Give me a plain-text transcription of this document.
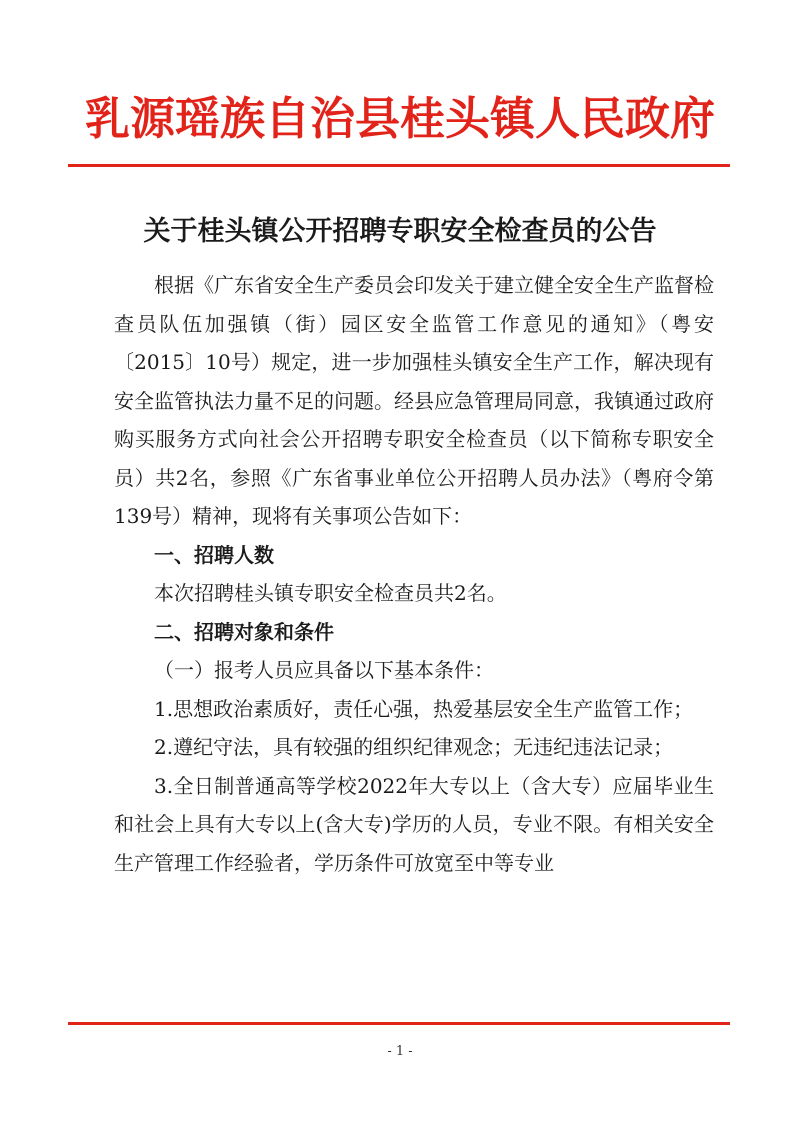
乳源瑶族自治县桂头镇人民政府
关于桂头镇公开招聘专职安全检查员的公告

根据《广东省安全生产委员会印发关于建立健全安全生产监督检查员队伍加强镇（街）园区安全监管工作意见的通知》（粤安〔2015〕10号）规定，进一步加强桂头镇安全生产工作，解决现有安全监管执法力量不足的问题。经县应急管理局同意，我镇通过政府购买服务方式向社会公开招聘专职安全检查员（以下简称专职安全员）共2名，参照《广东省事业单位公开招聘人员办法》（粤府令第139号）精神，现将有关事项公告如下：

一、招聘人数

本次招聘桂头镇专职安全检查员共2名。

二、招聘对象和条件

（一）报考人员应具备以下基本条件：

1.思想政治素质好，责任心强，热爱基层安全生产监管工作；

2.遵纪守法，具有较强的组织纪律观念；无违纪违法记录；

3.全日制普通高等学校2022年大专以上（含大专）应届毕业生和社会上具有大专以上(含大专)学历的人员，专业不限。有相关安全生产管理工作经验者，学历条件可放宽至中等专业

- 1 -
